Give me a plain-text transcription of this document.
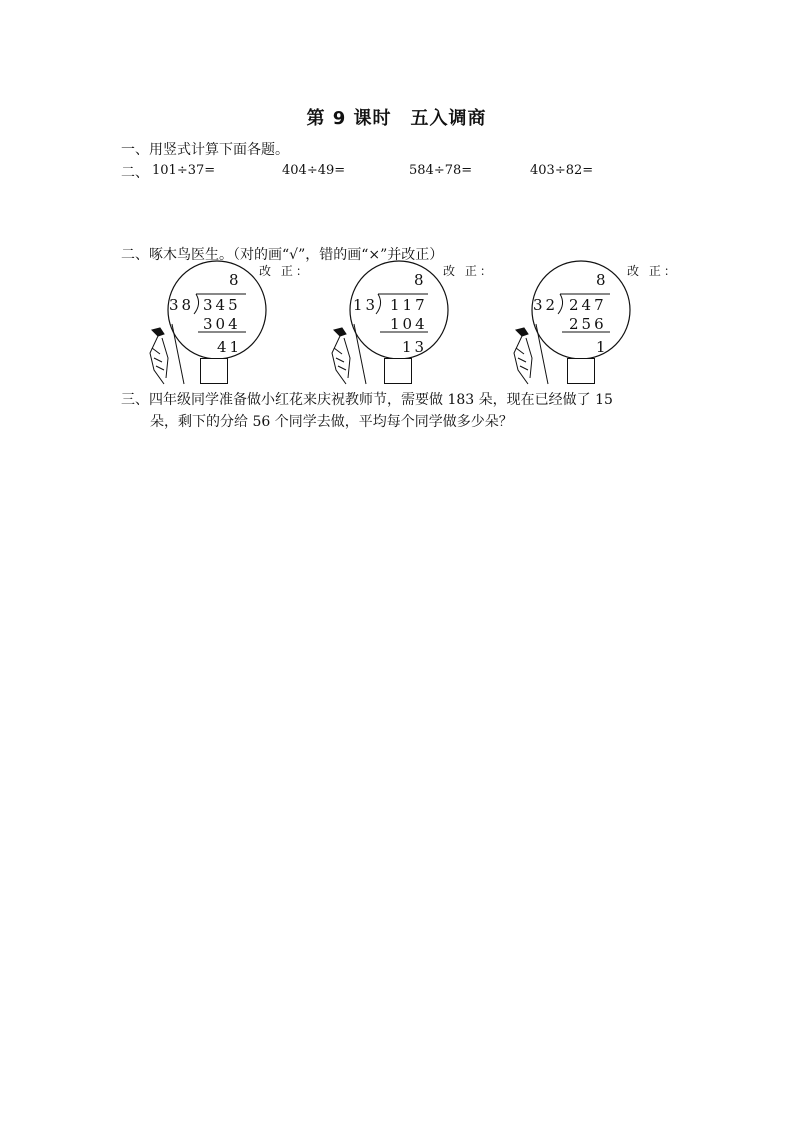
第 9 课时　五入调商
一、用竖式计算下面各题。
二、 101÷37=	404÷49=	584÷78=	403÷82=
二、啄木鸟医生。（对的画“√”，错的画“×”并改正）
8
38 345
304
41
改 正：	8
13 117
104
13
改 正：	8
32 247
256
1
改 正：
三、四年级同学准备做小红花来庆祝教师节，需要做 183 朵，现在已经做了 15
朵，剩下的分给 56 个同学去做，平均每个同学做多少朵？
